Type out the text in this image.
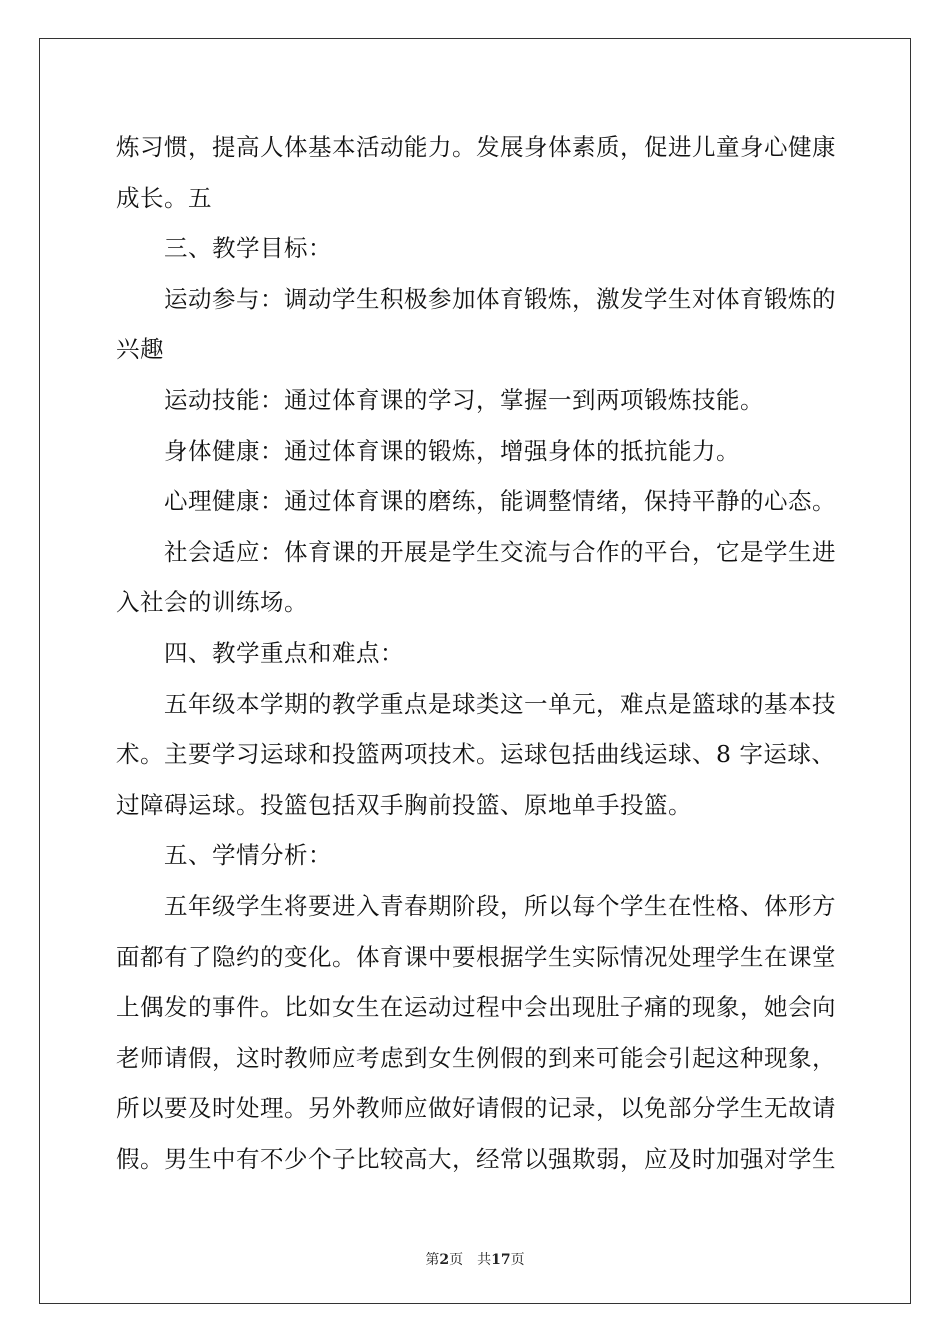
炼习惯，提高人体基本活动能力。发展身体素质，促进儿童身心健康
成长。五
三、教学目标：
运动参与：调动学生积极参加体育锻炼，激发学生对体育锻炼的
兴趣
运动技能：通过体育课的学习，掌握一到两项锻炼技能。
身体健康：通过体育课的锻炼，增强身体的抵抗能力。
心理健康：通过体育课的磨练，能调整情绪，保持平静的心态。
社会适应：体育课的开展是学生交流与合作的平台，它是学生进
入社会的训练场。
四、教学重点和难点：
五年级本学期的教学重点是球类这一单元，难点是篮球的基本技
术。主要学习运球和投篮两项技术。运球包括曲线运球、8 字运球、
过障碍运球。投篮包括双手胸前投篮、原地单手投篮。
五、学情分析：
五年级学生将要进入青春期阶段，所以每个学生在性格、体形方
面都有了隐约的变化。体育课中要根据学生实际情况处理学生在课堂
上偶发的事件。比如女生在运动过程中会出现肚子痛的现象，她会向
老师请假，这时教师应考虑到女生例假的到来可能会引起这种现象，
所以要及时处理。另外教师应做好请假的记录，以免部分学生无故请
假。男生中有不少个子比较高大，经常以强欺弱，应及时加强对学生
第2页 共17页
